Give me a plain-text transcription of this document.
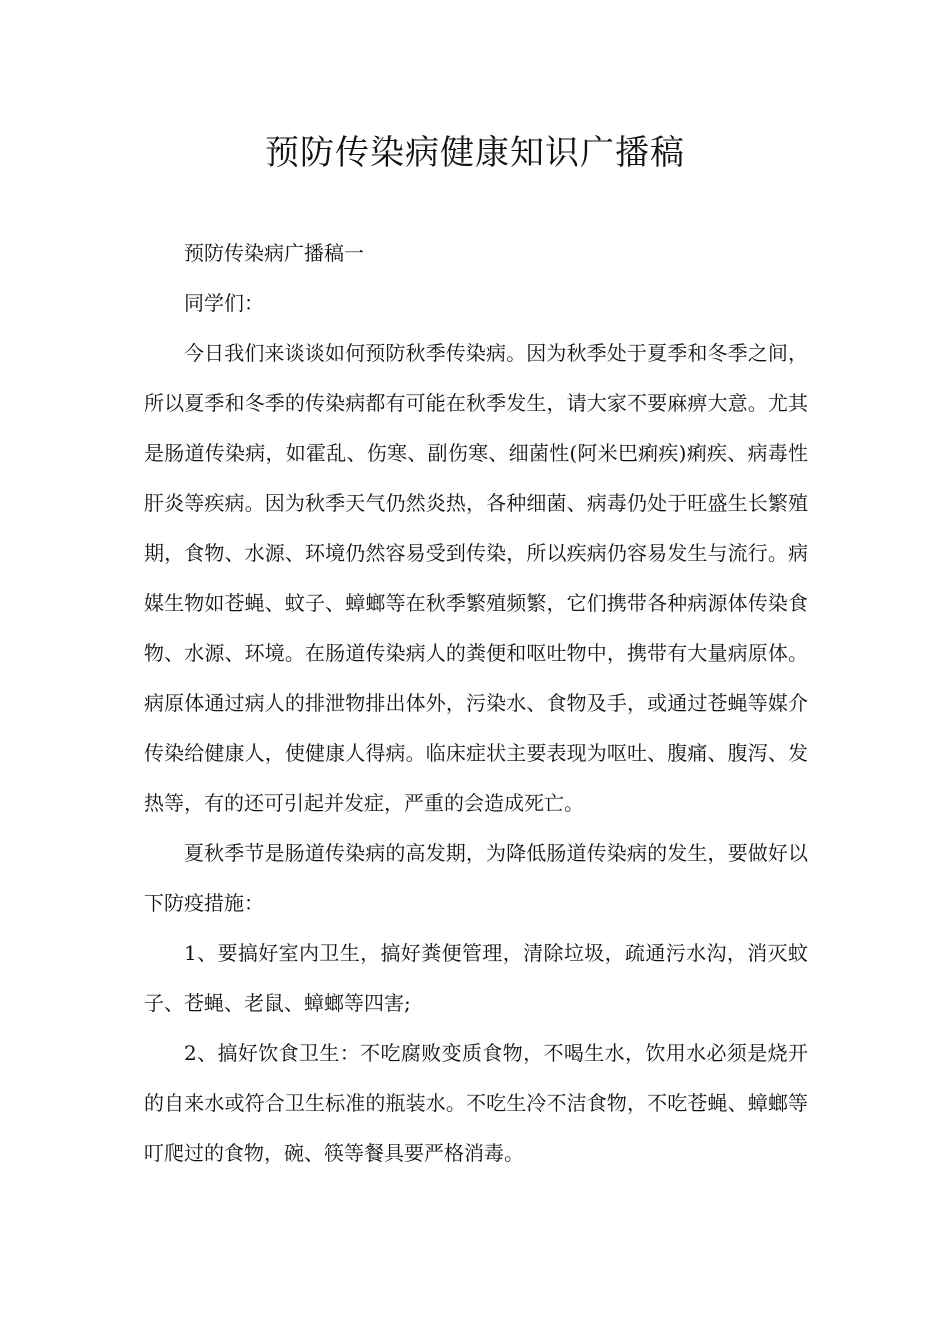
预防传染病健康知识广播稿

预防传染病广播稿一

同学们：

今日我们来谈谈如何预防秋季传染病。因为秋季处于夏季和冬季之间，所以夏季和冬季的传染病都有可能在秋季发生，请大家不要麻痹大意。尤其是肠道传染病，如霍乱、伤寒、副伤寒、细菌性(阿米巴痢疾)痢疾、病毒性肝炎等疾病。因为秋季天气仍然炎热，各种细菌、病毒仍处于旺盛生长繁殖期，食物、水源、环境仍然容易受到传染，所以疾病仍容易发生与流行。病媒生物如苍蝇、蚊子、蟑螂等在秋季繁殖频繁，它们携带各种病源体传染食物、水源、环境。在肠道传染病人的粪便和呕吐物中，携带有大量病原体。病原体通过病人的排泄物排出体外，污染水、食物及手，或通过苍蝇等媒介传染给健康人，使健康人得病。临床症状主要表现为呕吐、腹痛、腹泻、发热等，有的还可引起并发症，严重的会造成死亡。

夏秋季节是肠道传染病的高发期，为降低肠道传染病的发生，要做好以下防疫措施：

1、要搞好室内卫生，搞好粪便管理，清除垃圾，疏通污水沟，消灭蚊子、苍蝇、老鼠、蟑螂等四害;

2、搞好饮食卫生：不吃腐败变质食物，不喝生水，饮用水必须是烧开的自来水或符合卫生标准的瓶装水。不吃生冷不洁食物，不吃苍蝇、蟑螂等叮爬过的食物，碗、筷等餐具要严格消毒。
